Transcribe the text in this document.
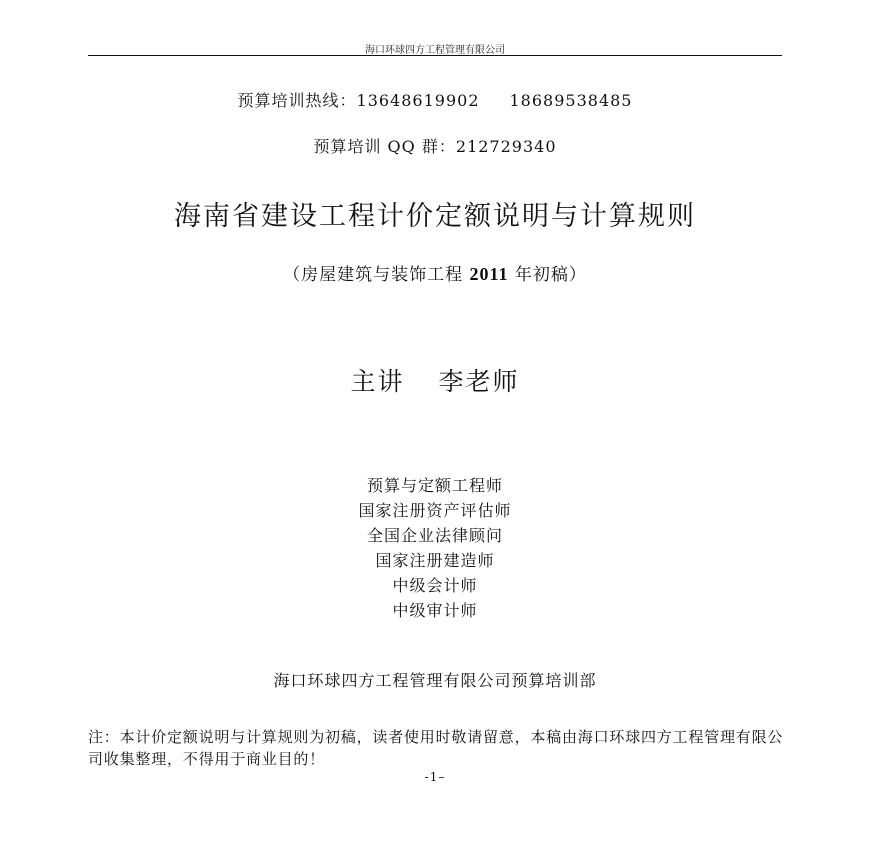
海口环球四方工程管理有限公司
预算培训热线：13648619902 18689538485
预算培训 QQ 群：212729340
海南省建设工程计价定额说明与计算规则
（房屋建筑与装饰工程 2011 年初稿）
主讲 李老师
预算与定额工程师
国家注册资产评估师
全国企业法律顾问
国家注册建造师
中级会计师
中级审计师
海口环球四方工程管理有限公司预算培训部
注：本计价定额说明与计算规则为初稿，读者使用时敬请留意，本稿由海口环球四方工程管理有限公司收集整理，不得用于商业目的！
-1–
